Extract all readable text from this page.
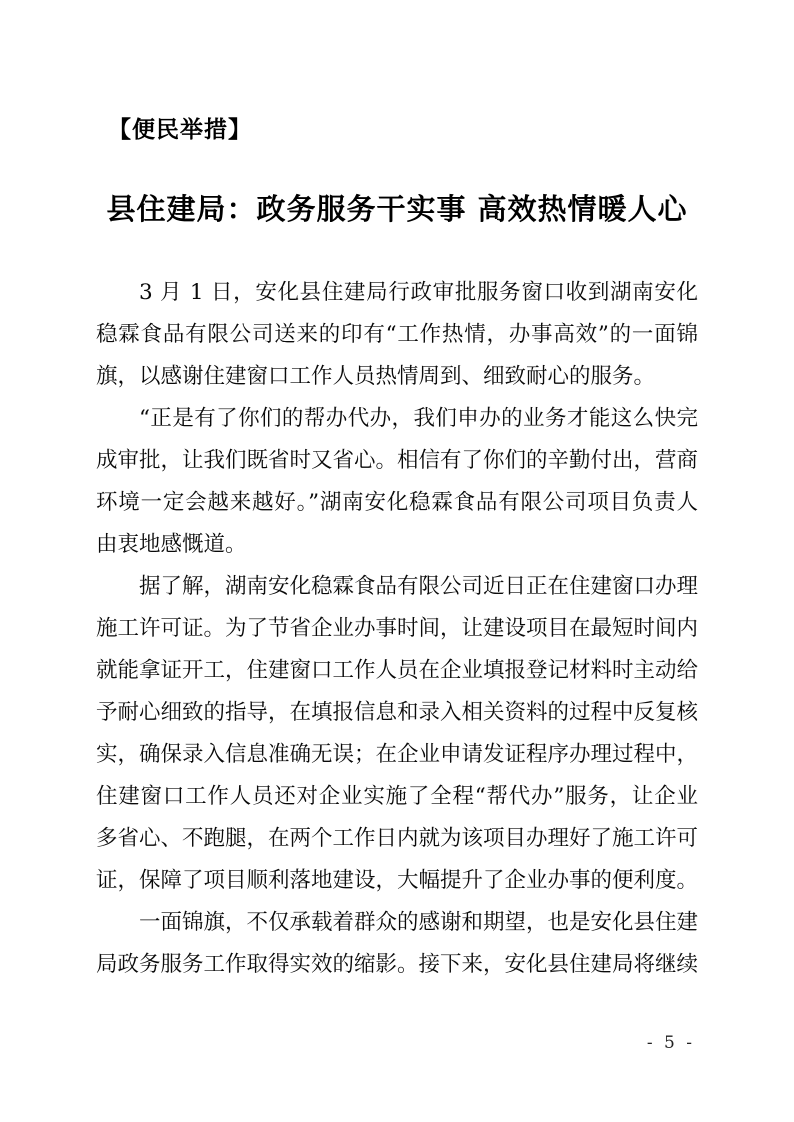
【便民举措】
县住建局：政务服务干实事 高效热情暖人心

3 月 1 日，安化县住建局行政审批服务窗口收到湖南安化稳霖食品有限公司送来的印有“工作热情，办事高效”的一面锦旗，以感谢住建窗口工作人员热情周到、细致耐心的服务。

“正是有了你们的帮办代办，我们申办的业务才能这么快完成审批，让我们既省时又省心。相信有了你们的辛勤付出，营商环境一定会越来越好。”湖南安化稳霖食品有限公司项目负责人由衷地感慨道。

据了解，湖南安化稳霖食品有限公司近日正在住建窗口办理施工许可证。为了节省企业办事时间，让建设项目在最短时间内就能拿证开工，住建窗口工作人员在企业填报登记材料时主动给予耐心细致的指导，在填报信息和录入相关资料的过程中反复核实，确保录入信息准确无误；在企业申请发证程序办理过程中，住建窗口工作人员还对企业实施了全程“帮代办”服务，让企业多省心、不跑腿，在两个工作日内就为该项目办理好了施工许可证，保障了项目顺利落地建设，大幅提升了企业办事的便利度。

一面锦旗，不仅承载着群众的感谢和期望，也是安化县住建局政务服务工作取得实效的缩影。接下来，安化县住建局将继续

- 5 -
